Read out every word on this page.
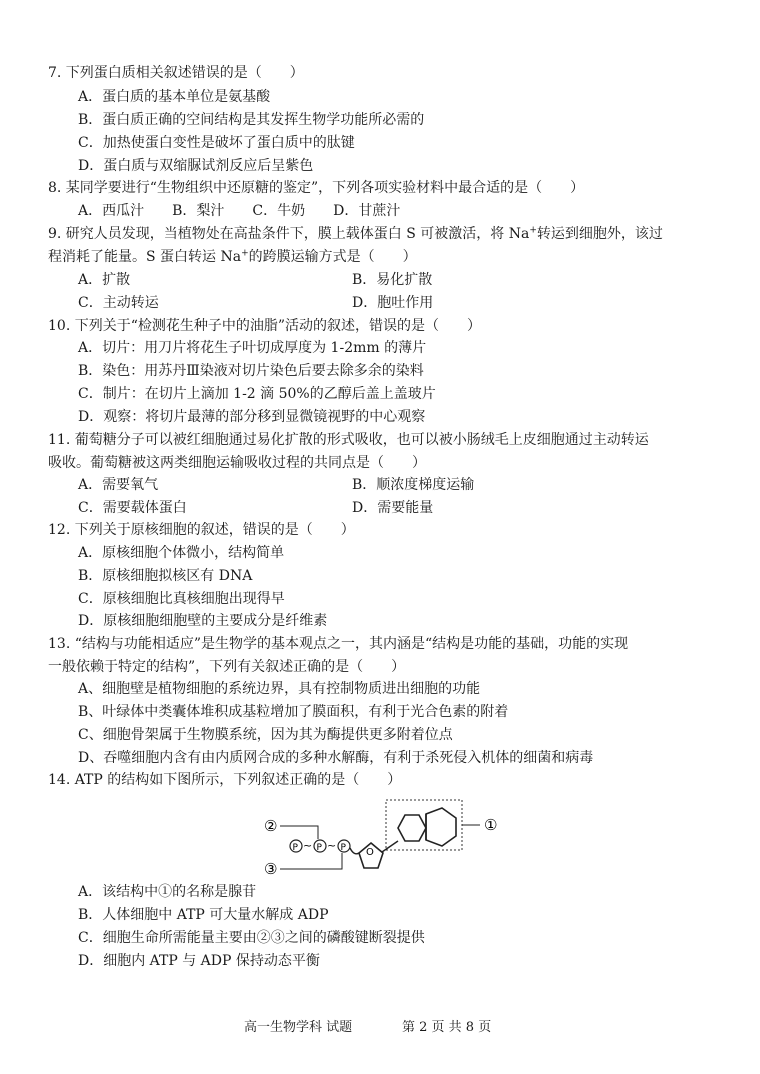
7. 下列蛋白质相关叙述错误的是（　　）
A．蛋白质的基本单位是氨基酸
B．蛋白质正确的空间结构是其发挥生物学功能所必需的
C．加热使蛋白变性是破坏了蛋白质中的肽键
D．蛋白质与双缩脲试剂反应后呈紫色
8. 某同学要进行“生物组织中还原糖的鉴定”，下列各项实验材料中最合适的是（　　）
A．西瓜汁　　B．梨汁　　C．牛奶　　D．甘蔗汁
9. 研究人员发现，当植物处在高盐条件下，膜上载体蛋白 S 可被激活，将 Na+转运到细胞外，该过
程消耗了能量。S 蛋白转运 Na+的跨膜运输方式是（　　）
A．扩散	B．易化扩散
C．主动转运	D．胞吐作用
10. 下列关于“检测花生种子中的油脂”活动的叙述，错误的是（　　）
A．切片：用刀片将花生子叶切成厚度为 1-2mm 的薄片
B．染色：用苏丹Ⅲ染液对切片染色后要去除多余的染料
C．制片：在切片上滴加 1-2 滴 50%的乙醇后盖上盖玻片
D．观察：将切片最薄的部分移到显微镜视野的中心观察
11. 葡萄糖分子可以被红细胞通过易化扩散的形式吸收，也可以被小肠绒毛上皮细胞通过主动转运
吸收。葡萄糖被这两类细胞运输吸收过程的共同点是（　　）
A．需要氧气	B．顺浓度梯度运输
C．需要载体蛋白	D．需要能量
12. 下列关于原核细胞的叙述，错误的是（　　）
A．原核细胞个体微小，结构简单
B．原核细胞拟核区有 DNA
C．原核细胞比真核细胞出现得早
D．原核细胞细胞壁的主要成分是纤维素
13. “结构与功能相适应”是生物学的基本观点之一，其内涵是“结构是功能的基础，功能的实现
一般依赖于特定的结构”，下列有关叙述正确的是（　　）
A、细胞壁是植物细胞的系统边界，具有控制物质进出细胞的功能
B、叶绿体中类囊体堆积成基粒增加了膜面积，有利于光合色素的附着
C、细胞骨架属于生物膜系统，因为其为酶提供更多附着位点
D、吞噬细胞内含有由内质网合成的多种水解酶，有利于杀死侵入机体的细菌和病毒
14. ATP 的结构如下图所示，下列叙述正确的是（　　）
①
O
P ~ P ~ P
②
③
A．该结构中①的名称是腺苷
B．人体细胞中 ATP 可大量水解成 ADP
C．细胞生命所需能量主要由②③之间的磷酸键断裂提供
D．细胞内 ATP 与 ADP 保持动态平衡
高一生物学科 试题	第 2 页 共 8 页
